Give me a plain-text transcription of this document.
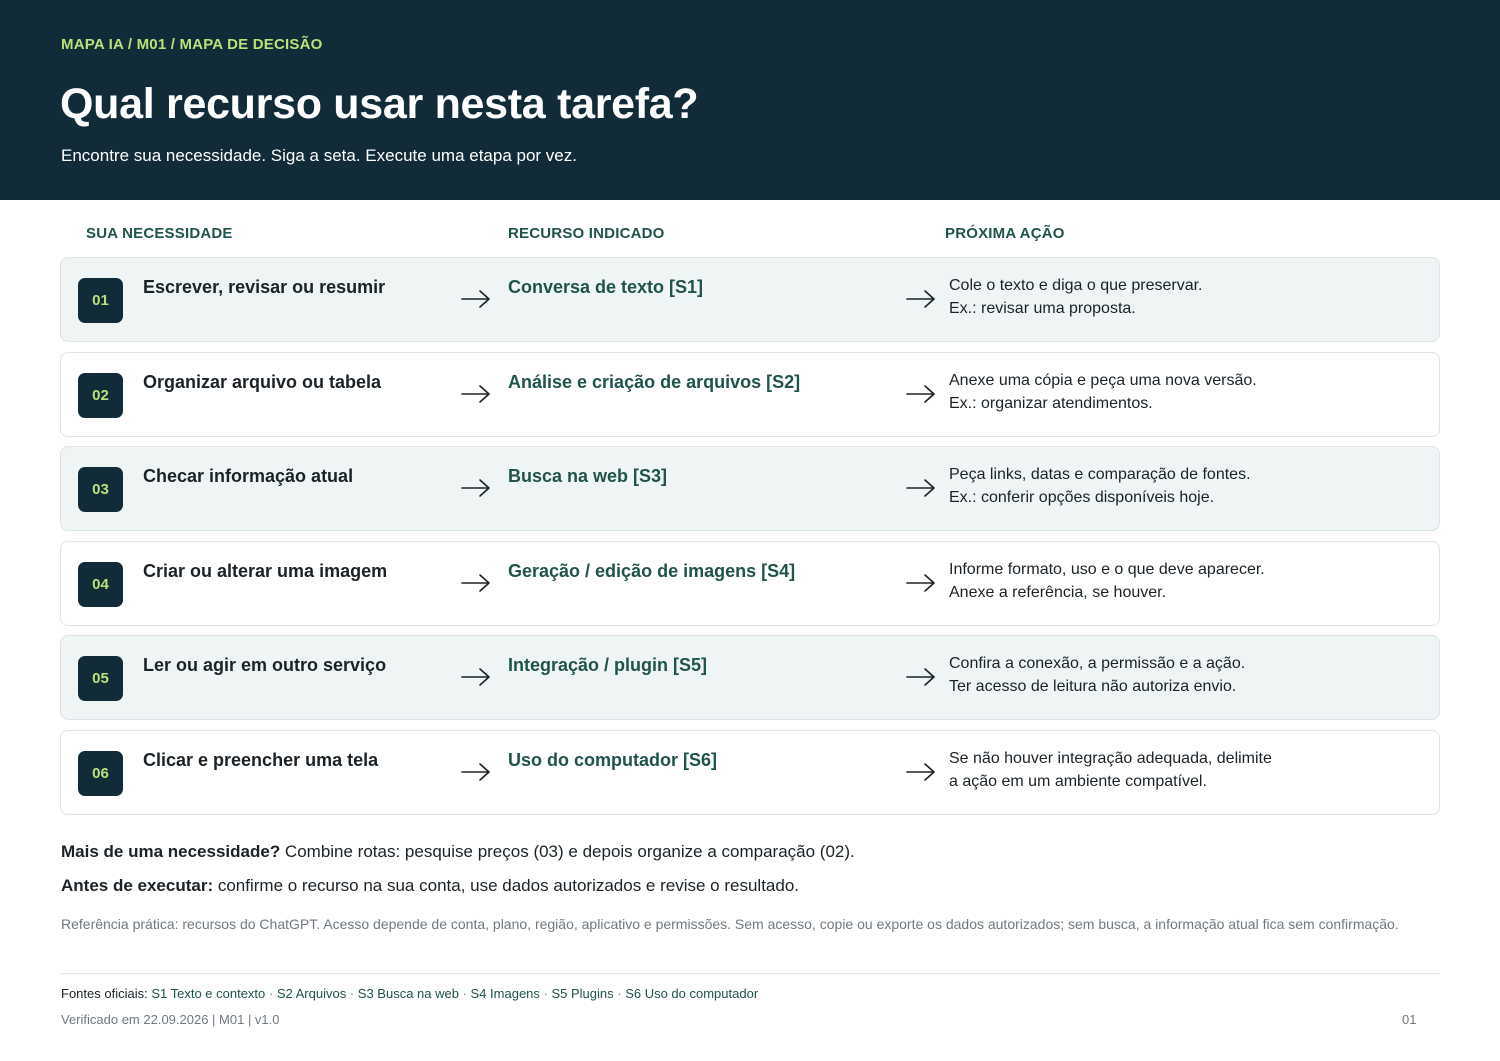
MAPA IA / M01 / MAPA DE DECISÃO
Qual recurso usar nesta tarefa?
Encontre sua necessidade. Siga a seta. Execute uma etapa por vez.
SUA NECESSIDADE	RECURSO INDICADO	PRÓXIMA AÇÃO
01
Escrever, revisar ou resumir	Conversa de texto [S1]	Cole o texto e diga o que preservar.
Ex.: revisar uma proposta.
02
Organizar arquivo ou tabela	Análise e criação de arquivos [S2]	Anexe uma cópia e peça uma nova versão.
Ex.: organizar atendimentos.
03
Checar informação atual	Busca na web [S3]	Peça links, datas e comparação de fontes.
Ex.: conferir opções disponíveis hoje.
04
Criar ou alterar uma imagem	Geração / edição de imagens [S4]	Informe formato, uso e o que deve aparecer.
Anexe a referência, se houver.
05
Ler ou agir em outro serviço	Integração / plugin [S5]	Confira a conexão, a permissão e a ação.
Ter acesso de leitura não autoriza envio.
06
Clicar e preencher uma tela	Uso do computador [S6]	Se não houver integração adequada, delimite
a ação em um ambiente compatível.
Mais de uma necessidade? Combine rotas: pesquise preços (03) e depois organize a comparação (02).
Antes de executar: confirme o recurso na sua conta, use dados autorizados e revise o resultado.
Referência prática: recursos do ChatGPT. Acesso depende de conta, plano, região, aplicativo e permissões. Sem acesso, copie ou exporte os dados autorizados; sem busca, a informação atual fica sem confirmação.
Fontes oficiais: S1 Texto e contexto · S2 Arquivos · S3 Busca na web · S4 Imagens · S5 Plugins · S6 Uso do computador
Verificado em 22.09.2026 | M01 | v1.0	01
